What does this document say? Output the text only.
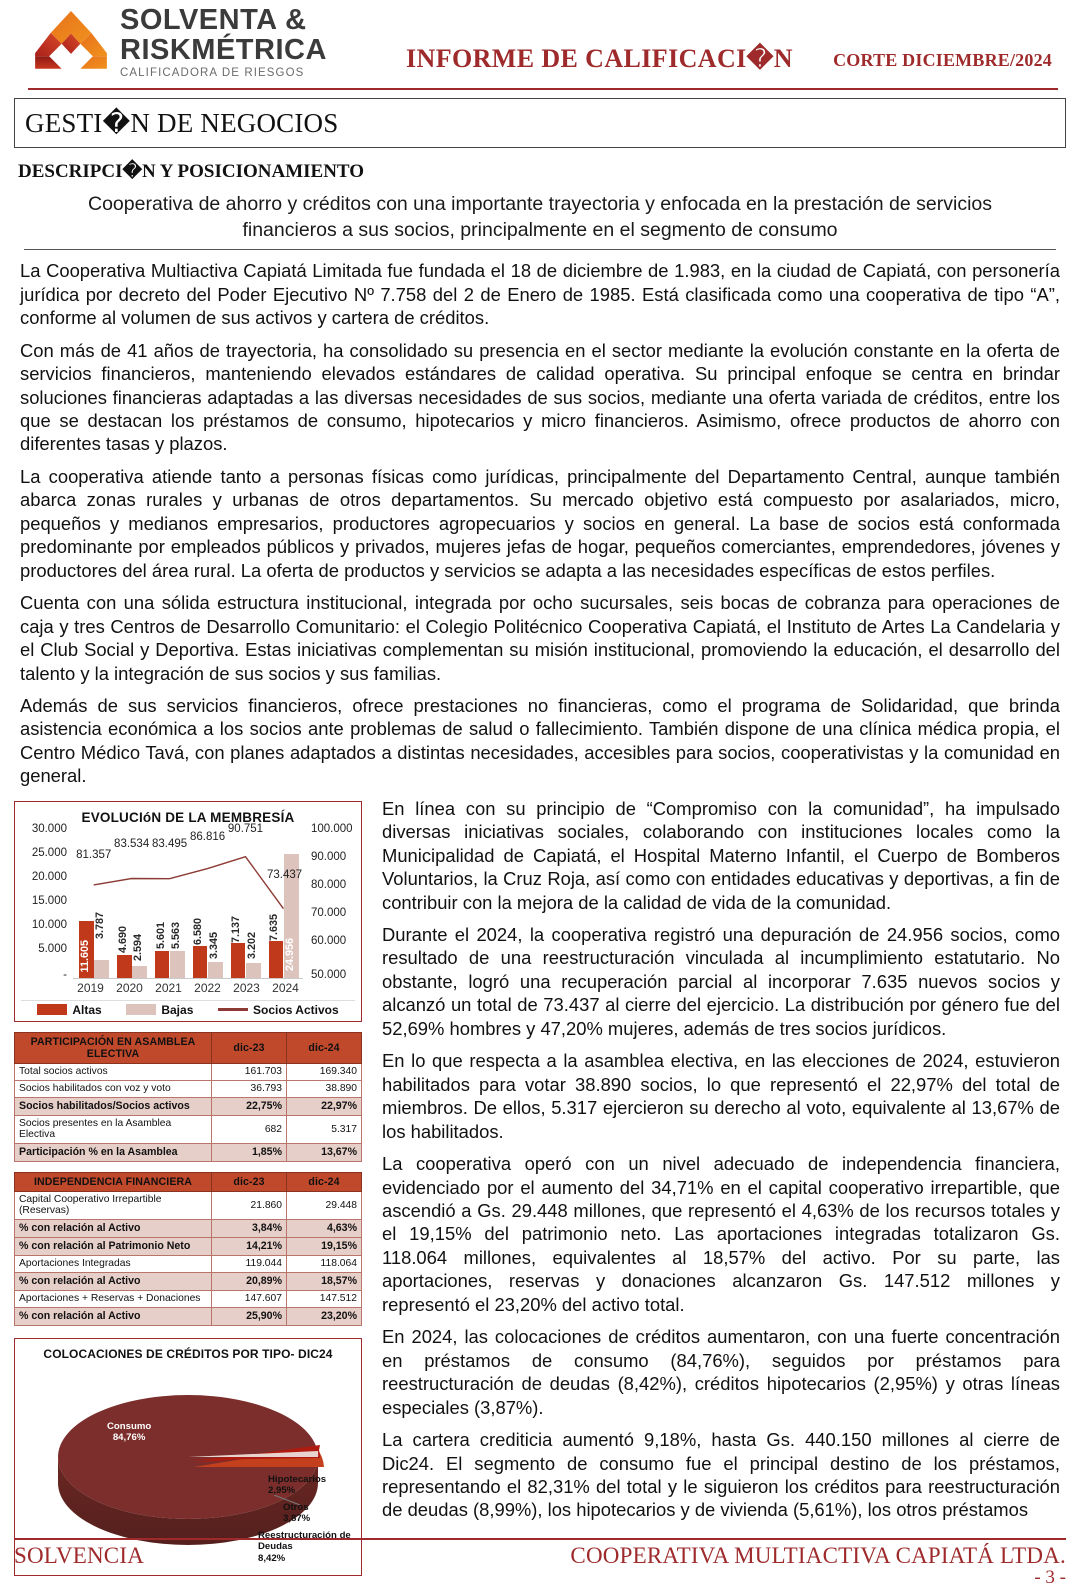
SOLVENTA &
RISKMÉTRICA
CALIFICADORA DE RIESGOS	INFORME DE CALIFICACI�N CORTE DICIEMBRE/2024
GESTI�N DE NEGOCIOS
DESCRIPCI�N Y POSICIONAMIENTO
Cooperativa de ahorro y créditos con una importante trayectoria y enfocada en la prestación de servicios financieros a sus socios, principalmente en el segmento de consumo

La Cooperativa Multiactiva Capiatá Limitada fue fundada el 18 de diciembre de 1.983, en la ciudad de Capiatá, con personería jurídica por decreto del Poder Ejecutivo Nº 7.758 del 2 de Enero de 1985. Está clasificada como una cooperativa de tipo “A”, conforme al volumen de sus activos y cartera de créditos.

Con más de 41 años de trayectoria, ha consolidado su presencia en el sector mediante la evolución constante en la oferta de servicios financieros, manteniendo elevados estándares de calidad operativa. Su principal enfoque se centra en brindar soluciones financieras adaptadas a las diversas necesidades de sus socios, mediante una oferta variada de créditos, entre los que se destacan los préstamos de consumo, hipotecarios y micro financieros. Asimismo, ofrece productos de ahorro con diferentes tasas y plazos.

La cooperativa atiende tanto a personas físicas como jurídicas, principalmente del Departamento Central, aunque también abarca zonas rurales y urbanas de otros departamentos. Su mercado objetivo está compuesto por asalariados, micro, pequeños y medianos empresarios, productores agropecuarios y socios en general. La base de socios está conformada predominante por empleados públicos y privados, mujeres jefas de hogar, pequeños comerciantes, emprendedores, jóvenes y productores del área rural. La oferta de productos y servicios se adapta a las necesidades específicas de estos perfiles.

Cuenta con una sólida estructura institucional, integrada por ocho sucursales, seis bocas de cobranza para operaciones de caja y tres Centros de Desarrollo Comunitario: el Colegio Politécnico Cooperativa Capiatá, el Instituto de Artes La Candelaria y el Club Social y Deportiva. Estas iniciativas complementan su misión institucional, promoviendo la educación, el desarrollo del talento y la integración de sus socios y sus familias.

Además de sus servicios financieros, ofrece prestaciones no financieras, como el programa de Solidaridad, que brinda asistencia económica a los socios ante problemas de salud o fallecimiento. También dispone de una clínica médica propia, el Centro Médico Tavá, con planes adaptados a distintas necesidades, accesibles para socios, cooperativistas y la comunidad en general.

EVOLUCIóN DE LA MEMBRESÍA
30.000
25.000
20.000
15.000
10.000
5.000
-
100.000
90.000
80.000
70.000
60.000
50.000
11.605
3.787
4.690 2.594 5.601 5.563 6.580
3.345
7.137
3.202
7.635
24.956
81.357
83.534 83.495
86.816
90.751
73.437
2019	2020	2021	2022	2023	2024
Altas	Bajas	Socios Activos
PARTICIPACIÓN EN ASAMBLEA ELECTIVA	dic-23	dic-24
Total socios activos	161.703	169.340
Socios habilitados con voz y voto	36.793	38.890
Socios habilitados/Socios activos	22,75%	22,97%
Socios presentes en la Asamblea Electiva	682	5.317
Participación % en la Asamblea	1,85%	13,67%
INDEPENDENCIA FINANCIERA	dic-23	dic-24
Capital Cooperativo Irrepartible (Reservas)	21.860	29.448
% con relación al Activo	3,84%	4,63%
% con relación al Patrimonio Neto	14,21%	19,15%
Aportaciones Integradas	119.044	118.064
% con relación al Activo	20,89%	18,57%
Aportaciones + Reservas + Donaciones	147.607	147.512
% con relación al Activo	25,90%	23,20%
COLOCACIONES DE CRÉDITOS POR TIPO- DIC24
Consumo
84,76%
Hipotecarios
2,95%
Otros
3,87%
Reestructuración de Deudas
8,42%

En línea con su principio de “Compromiso con la comunidad”, ha impulsado diversas iniciativas sociales, colaborando con instituciones locales como la Municipalidad de Capiatá, el Hospital Materno Infantil, el Cuerpo de Bomberos Voluntarios, la Cruz Roja, así como con entidades educativas y deportivas, a fin de contribuir con la mejora de la calidad de vida de la comunidad.

Durante el 2024, la cooperativa registró una depuración de 24.956 socios, como resultado de una reestructuración vinculada al incumplimiento estatutario. No obstante, logró una recuperación parcial al incorporar 7.635 nuevos socios y alcanzó un total de 73.437 al cierre del ejercicio. La distribución por género fue del 52,69% hombres y 47,20% mujeres, además de tres socios jurídicos.

En lo que respecta a la asamblea electiva, en las elecciones de 2024, estuvieron habilitados para votar 38.890 socios, lo que representó el 22,97% del total de miembros. De ellos, 5.317 ejercieron su derecho al voto, equivalente al 13,67% de los habilitados.

La cooperativa operó con un nivel adecuado de independencia financiera, evidenciado por el aumento del 34,71% en el capital cooperativo irrepartible, que ascendió a Gs. 29.448 millones, que representó el 4,63% de los recursos totales y el 19,15% del patrimonio neto. Las aportaciones integradas totalizaron Gs. 118.064 millones, equivalentes al 18,57% del activo. Por su parte, las aportaciones, reservas y donaciones alcanzaron Gs. 147.512 millones y representó el 23,20% del activo total.

En 2024, las colocaciones de créditos aumentaron, con una fuerte concentración en préstamos de consumo (84,76%), seguidos por préstamos para reestructuración de deudas (8,42%), créditos hipotecarios (2,95%) y otras líneas especiales (3,87%).

La cartera crediticia aumentó 9,18%, hasta Gs. 440.150 millones al cierre de Dic24. El segmento de consumo fue el principal destino de los préstamos, representando el 82,31% del total y le siguieron los créditos para reestructuración de deudas (8,99%), los hipotecarios y de vivienda (5,61%), los otros préstamos

SOLVENCIA	COOPERATIVA MULTIACTIVA CAPIATÁ LTDA.
- 3 -
